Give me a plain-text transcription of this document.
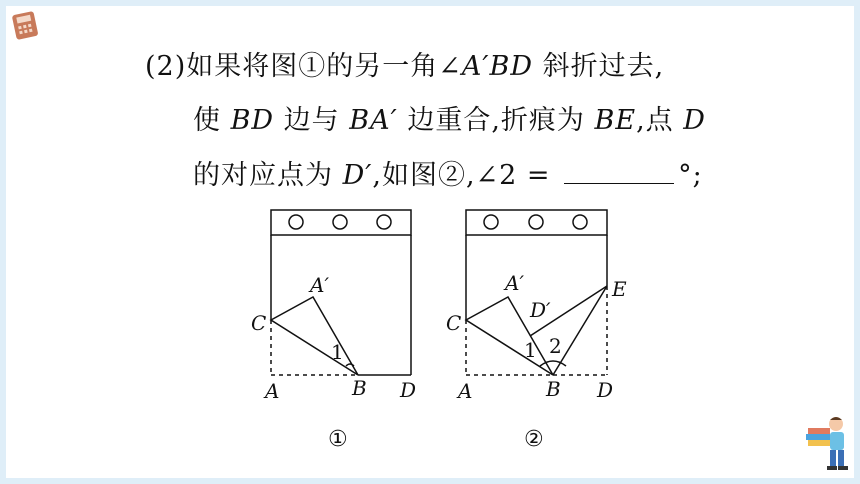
(2)如果将图①的另一角∠A′BD 斜折过去,
使 BD 边与 BA′ 边重合,折痕为 BE,点 D
的对应点为 D′,如图②,∠2 =	°;
C
A′
1
A	B D
①
C
A′
D′
E
1 2
A	B D
②
